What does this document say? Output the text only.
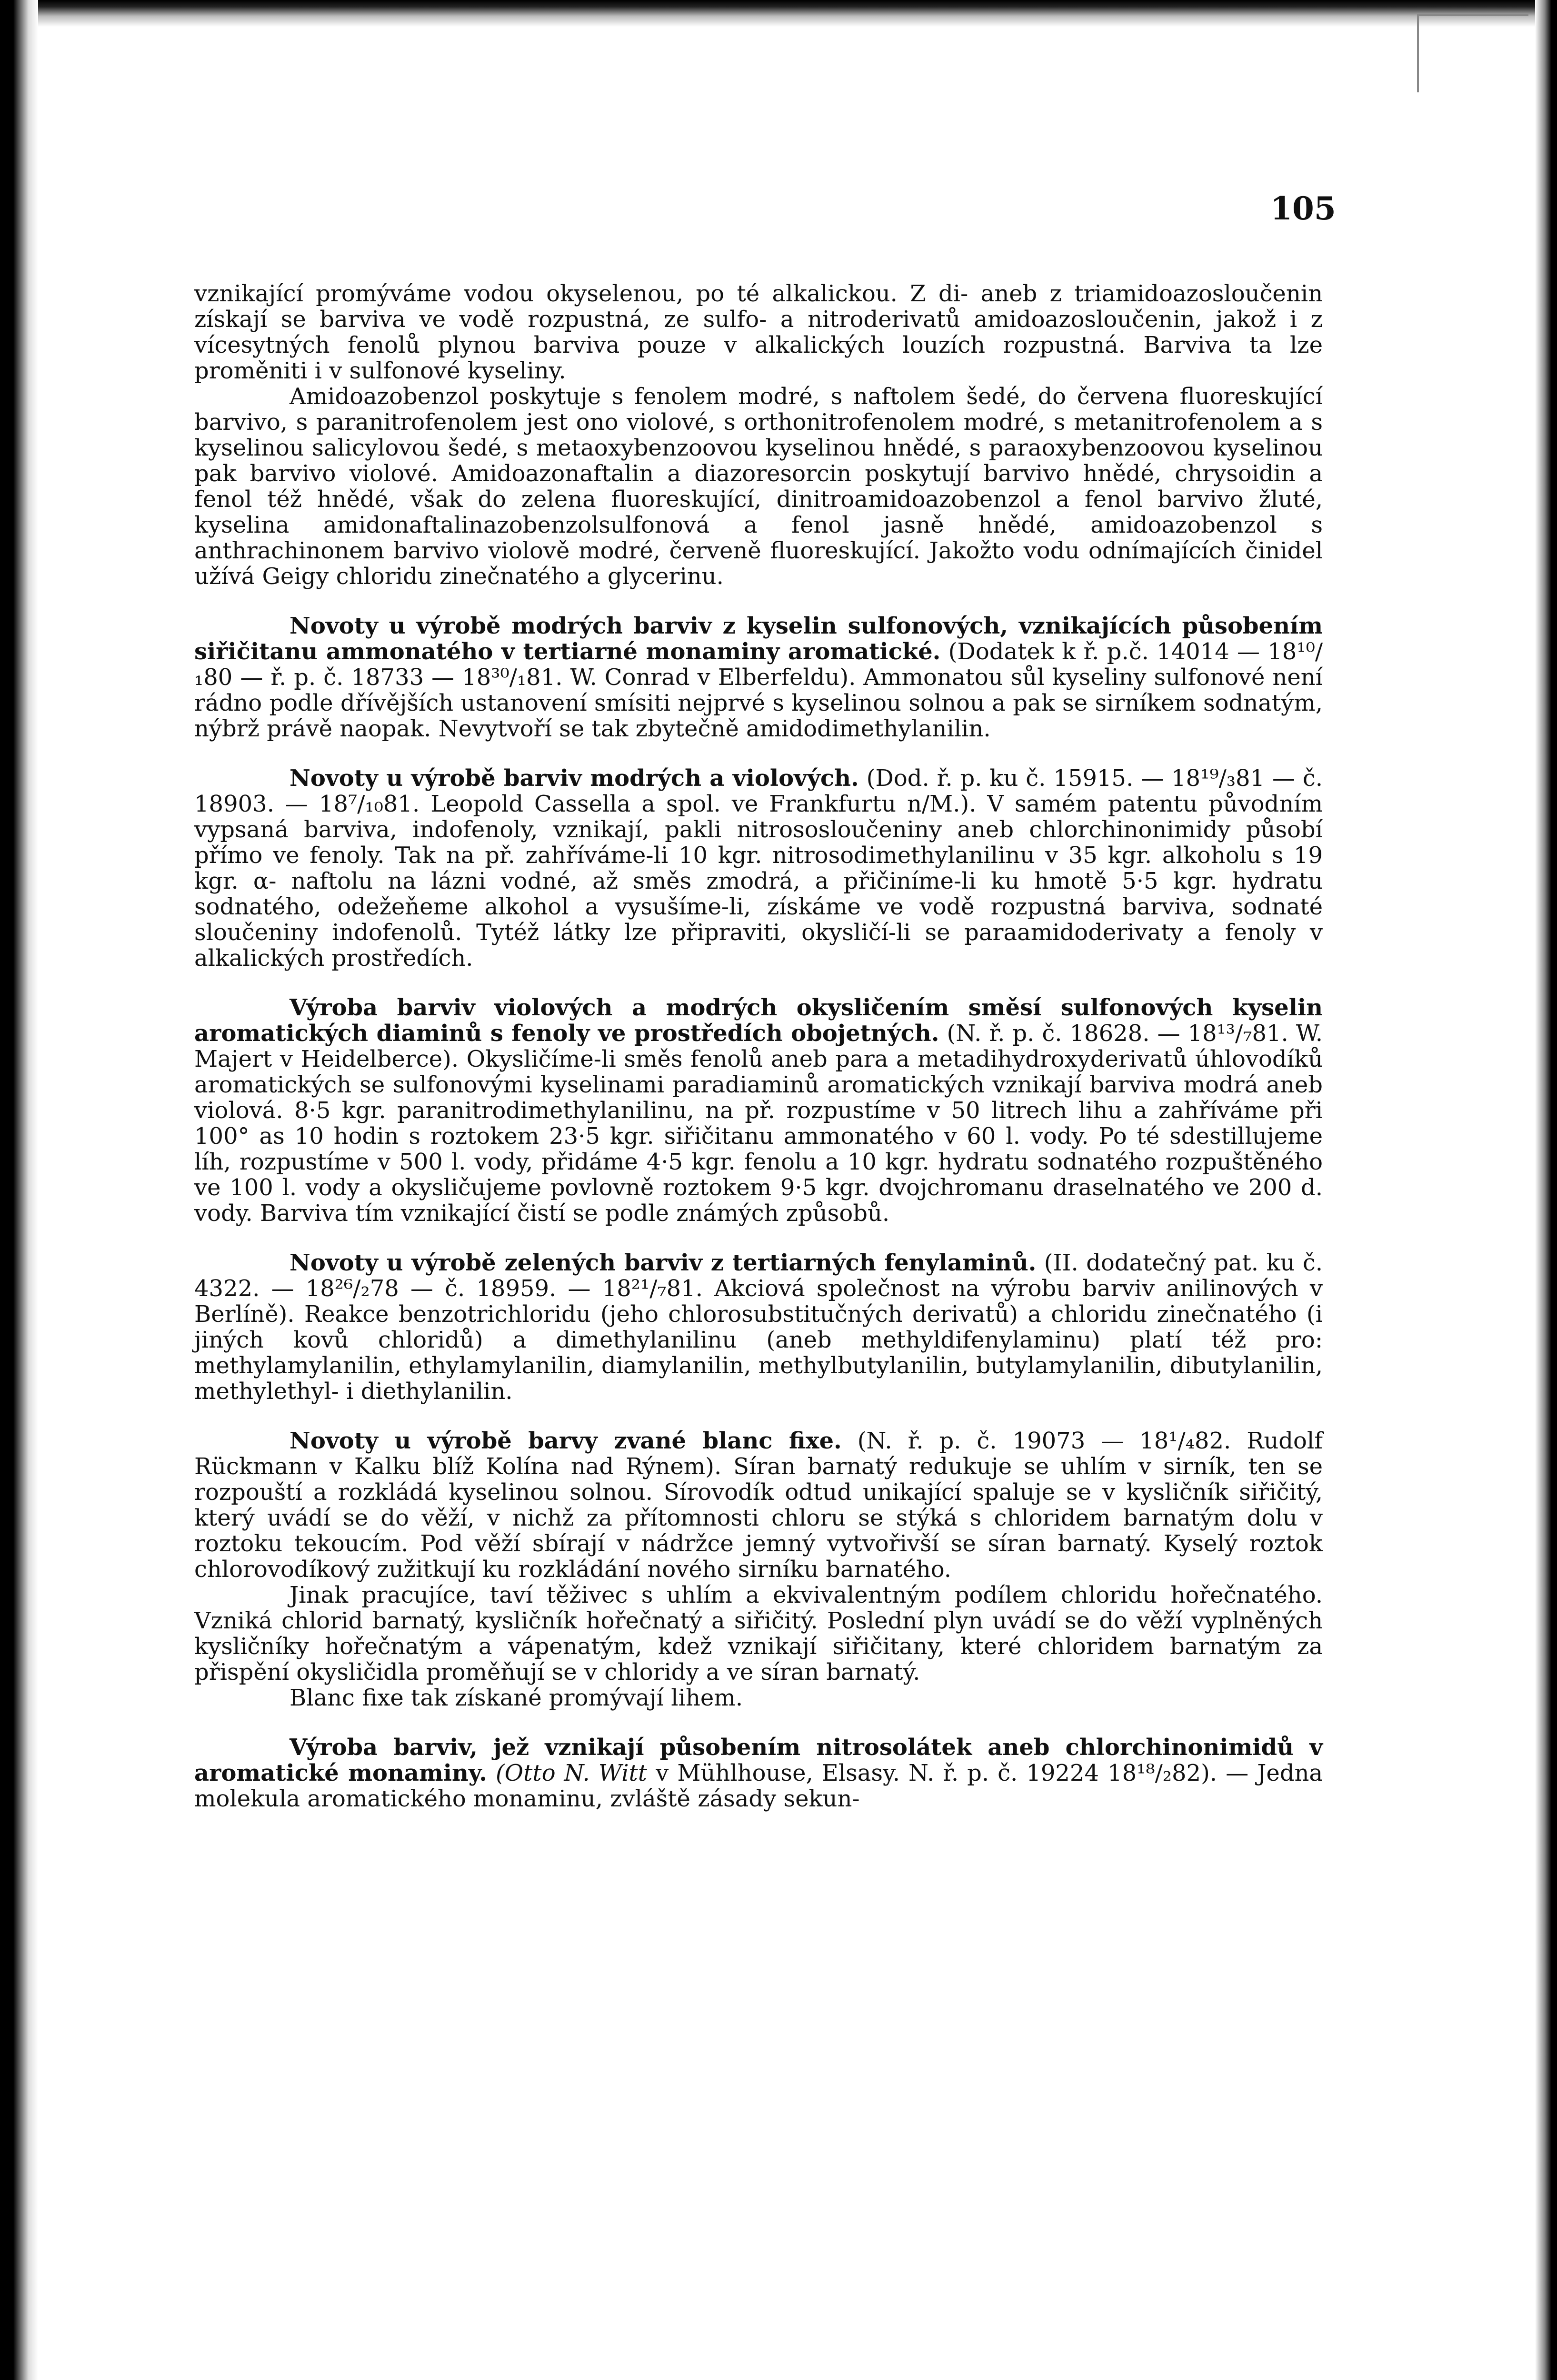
105

vznikající promýváme vodou okyselenou, po té alkalickou. Z di- aneb z triamidoazosloučenin získají se barviva ve vodě rozpustná, ze sulfo- a nitroderivatů amidoazosloučenin, jakož i z vícesytných fenolů plynou barviva pouze v alkalických louzích rozpustná. Barviva ta lze proměniti i v sulfonové kyseliny.

Amidoazobenzol poskytuje s fenolem modré, s naftolem šedé, do červena fluoreskující barvivo, s paranitrofenolem jest ono violové, s orthonitrofenolem modré, s metanitrofenolem a s kyselinou salicylovou šedé, s metaoxybenzoovou kyselinou hnědé, s paraoxybenzoovou kyselinou pak barvivo violové. Amidoazonaftalin a diazoresorcin poskytují barvivo hnědé, chrysoidin a fenol též hnědé, však do zelena fluoreskující, dinitroamidoazobenzol a fenol barvivo žluté, kyselina amidonaftalinazobenzolsulfonová a fenol jasně hnědé, amidoazobenzol s anthrachinonem barvivo violově modré, červeně fluoreskující. Jakožto vodu odnímajících činidel užívá Geigy chloridu zinečnatého a glycerinu.

Novoty u výrobě modrých barviv z kyselin sulfonových, vznikajících působením siřičitanu ammonatého v tertiarné monaminy aromatické. (Dodatek k ř. p.č. 14014 — 18¹⁰/₁80 — ř. p. č. 18733 — 18³⁰/₁81. W. Conrad v Elberfeldu). Ammonatou sůl kyseliny sulfonové není rádno podle dřívějších ustanovení smísiti nejprvé s kyselinou solnou a pak se sirníkem sodnatým, nýbrž právě naopak. Nevytvoří se tak zbytečně amidodimethylanilin.

Novoty u výrobě barviv modrých a violových. (Dod. ř. p. ku č. 15915. — 18¹⁹/₃81 — č. 18903. — 18⁷/₁₀81. Leopold Cassella a spol. ve Frankfurtu n/M.). V samém patentu původním vypsaná barviva, indofenoly, vznikají, pakli nitrososloučeniny aneb chlorchinonimidy působí přímo ve fenoly. Tak na př. zahříváme-li 10 kgr. nitrosodimethylanilinu v 35 kgr. alkoholu s 19 kgr. α- naftolu na lázni vodné, až směs zmodrá, a přičiníme-li ku hmotě 5·5 kgr. hydratu sodnatého, odežeňeme alkohol a vysušíme-li, získáme ve vodě rozpustná barviva, sodnaté sloučeniny indofenolů. Tytéž látky lze připraviti, okysličí-li se paraamidoderivaty a fenoly v alkalických prostředích.

Výroba barviv violových a modrých okysličením směsí sulfonových kyselin aromatických diaminů s fenoly ve prostředích obojetných. (N. ř. p. č. 18628. — 18¹³/₇81. W. Majert v Heidelberce). Okysličíme-li směs fenolů aneb para a metadihydroxyderivatů úhlovodíků aromatických se sulfonovými kyselinami paradiaminů aromatických vznikají barviva modrá aneb violová. 8·5 kgr. paranitrodimethylanilinu, na př. rozpustíme v 50 litrech lihu a zahříváme při 100° as 10 hodin s roztokem 23·5 kgr. siřičitanu ammonatého v 60 l. vody. Po té sdestillujeme líh, rozpustíme v 500 l. vody, přidáme 4·5 kgr. fenolu a 10 kgr. hydratu sodnatého rozpuštěného ve 100 l. vody a okysličujeme povlovně roztokem 9·5 kgr. dvojchromanu draselnatého ve 200 d. vody. Barviva tím vznikající čistí se podle známých způsobů.

Novoty u výrobě zelených barviv z tertiarných fenylaminů. (II. dodatečný pat. ku č. 4322. — 18²⁶/₂78 — č. 18959. — 18²¹/₇81. Akciová společnost na výrobu barviv anilinových v Berlíně). Reakce benzotrichloridu (jeho chlorosubstitučných derivatů) a chloridu zinečnatého (i jiných kovů chloridů) a dimethylanilinu (aneb methyldifenylaminu) platí též pro: methylamylanilin, ethylamylanilin, diamylanilin, methylbutylanilin, butylamylanilin, dibutylanilin, methylethyl- i diethylanilin.

Novoty u výrobě barvy zvané blanc fixe. (N. ř. p. č. 19073 — 18¹/₄82. Rudolf Rückmann v Kalku blíž Kolína nad Rýnem). Síran barnatý redukuje se uhlím v sirník, ten se rozpouští a rozkládá kyselinou solnou. Sírovodík odtud unikající spaluje se v kysličník siřičitý, který uvádí se do věží, v nichž za přítomnosti chloru se stýká s chloridem barnatým dolu v roztoku tekoucím. Pod věží sbírají v nádržce jemný vytvořivší se síran barnatý. Kyselý roztok chlorovodíkový zužitkují ku rozkládání nového sirníku barnatého.

Jinak pracujíce, taví těživec s uhlím a ekvivalentným podílem chloridu hořečnatého. Vzniká chlorid barnatý, kysličník hořečnatý a siřičitý. Poslední plyn uvádí se do věží vyplněných kysličníky hořečnatým a vápenatým, kdež vznikají siřičitany, které chloridem barnatým za přispění okysličidla proměňují se v chloridy a ve síran barnatý.

Blanc fixe tak získané promývají lihem.

Výroba barviv, jež vznikají působením nitrosolátek aneb chlorchinonimidů v aromatické monaminy. (Otto N. Witt v Mühlhouse, Elsasy. N. ř. p. č. 19224 18¹⁸/₂82). — Jedna molekula aromatického monaminu, zvláště zásady sekun-
